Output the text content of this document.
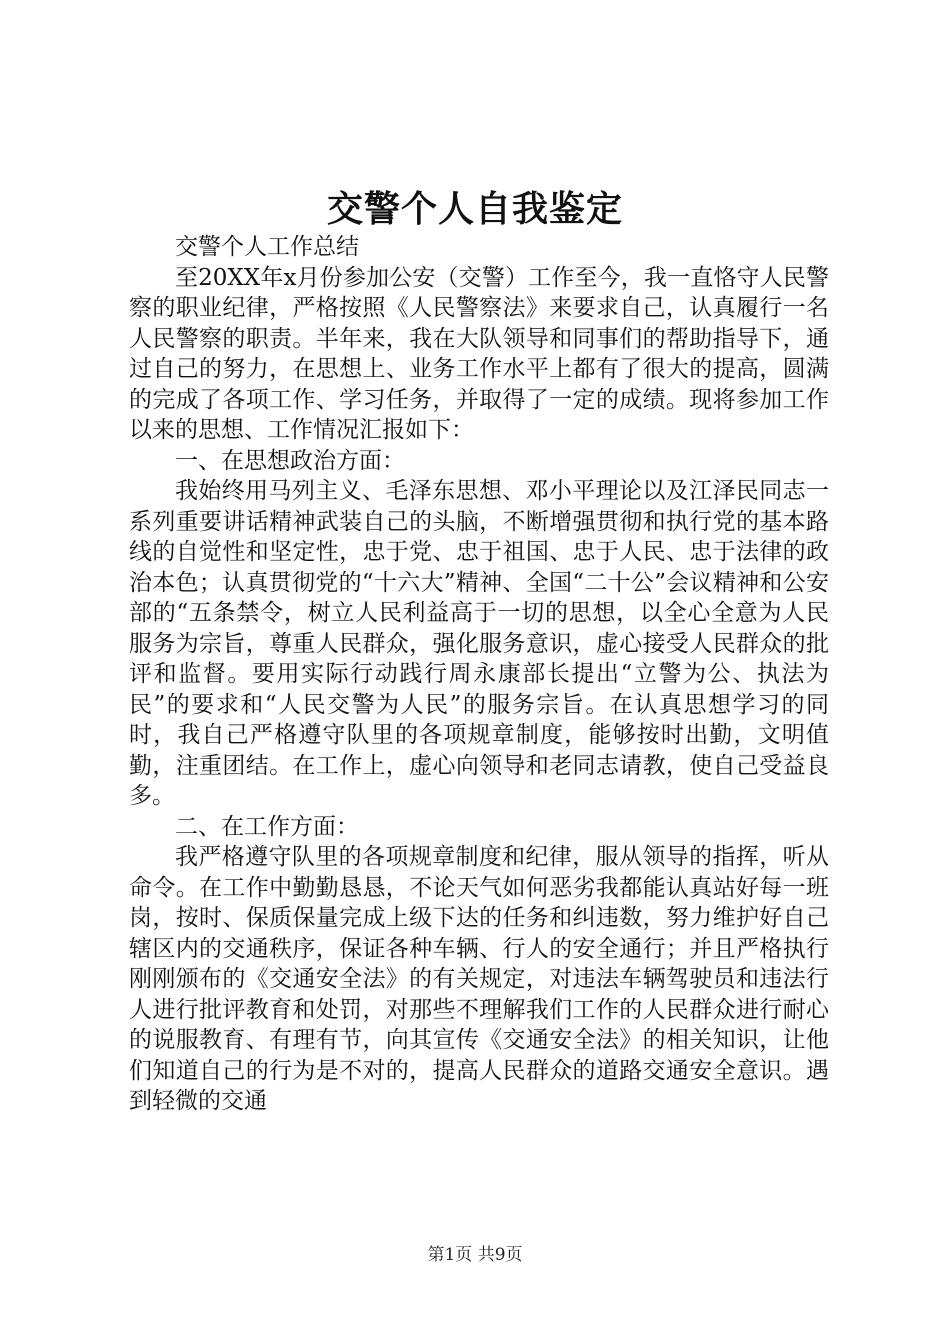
交警个人自我鉴定

交警个人工作总结

至20XX年x月份参加公安（交警）工作至今，我一直恪守人民警察的职业纪律，严格按照《人民警察法》来要求自己，认真履行一名人民警察的职责。半年来，我在大队领导和同事们的帮助指导下，通过自己的努力，在思想上、业务工作水平上都有了很大的提高，圆满的完成了各项工作、学习任务，并取得了一定的成绩。现将参加工作以来的思想、工作情况汇报如下：

一、在思想政治方面：

我始终用马列主义、毛泽东思想、邓小平理论以及江泽民同志一系列重要讲话精神武装自己的头脑，不断增强贯彻和执行党的基本路线的自觉性和坚定性，忠于党、忠于祖国、忠于人民、忠于法律的政治本色；认真贯彻党的“十六大”精神、全国“二十公”会议精神和公安部的“五条禁令，树立人民利益高于一切的思想，以全心全意为人民服务为宗旨，尊重人民群众，强化服务意识，虚心接受人民群众的批评和监督。要用实际行动践行周永康部长提出“立警为公、执法为民”的要求和“人民交警为人民”的服务宗旨。在认真思想学习的同时，我自己严格遵守队里的各项规章制度，能够按时出勤，文明值勤，注重团结。在工作上，虚心向领导和老同志请教，使自己受益良多。

二、在工作方面：

我严格遵守队里的各项规章制度和纪律，服从领导的指挥，听从命令。在工作中勤勤恳恳，不论天气如何恶劣我都能认真站好每一班岗，按时、保质保量完成上级下达的任务和纠违数，努力维护好自己辖区内的交通秩序，保证各种车辆、行人的安全通行；并且严格执行刚刚颁布的《交通安全法》的有关规定，对违法车辆驾驶员和违法行人进行批评教育和处罚，对那些不理解我们工作的人民群众进行耐心的说服教育、有理有节，向其宣传《交通安全法》的相关知识，让他们知道自己的行为是不对的，提高人民群众的道路交通安全意识。遇到轻微的交通

第1页 共9页
